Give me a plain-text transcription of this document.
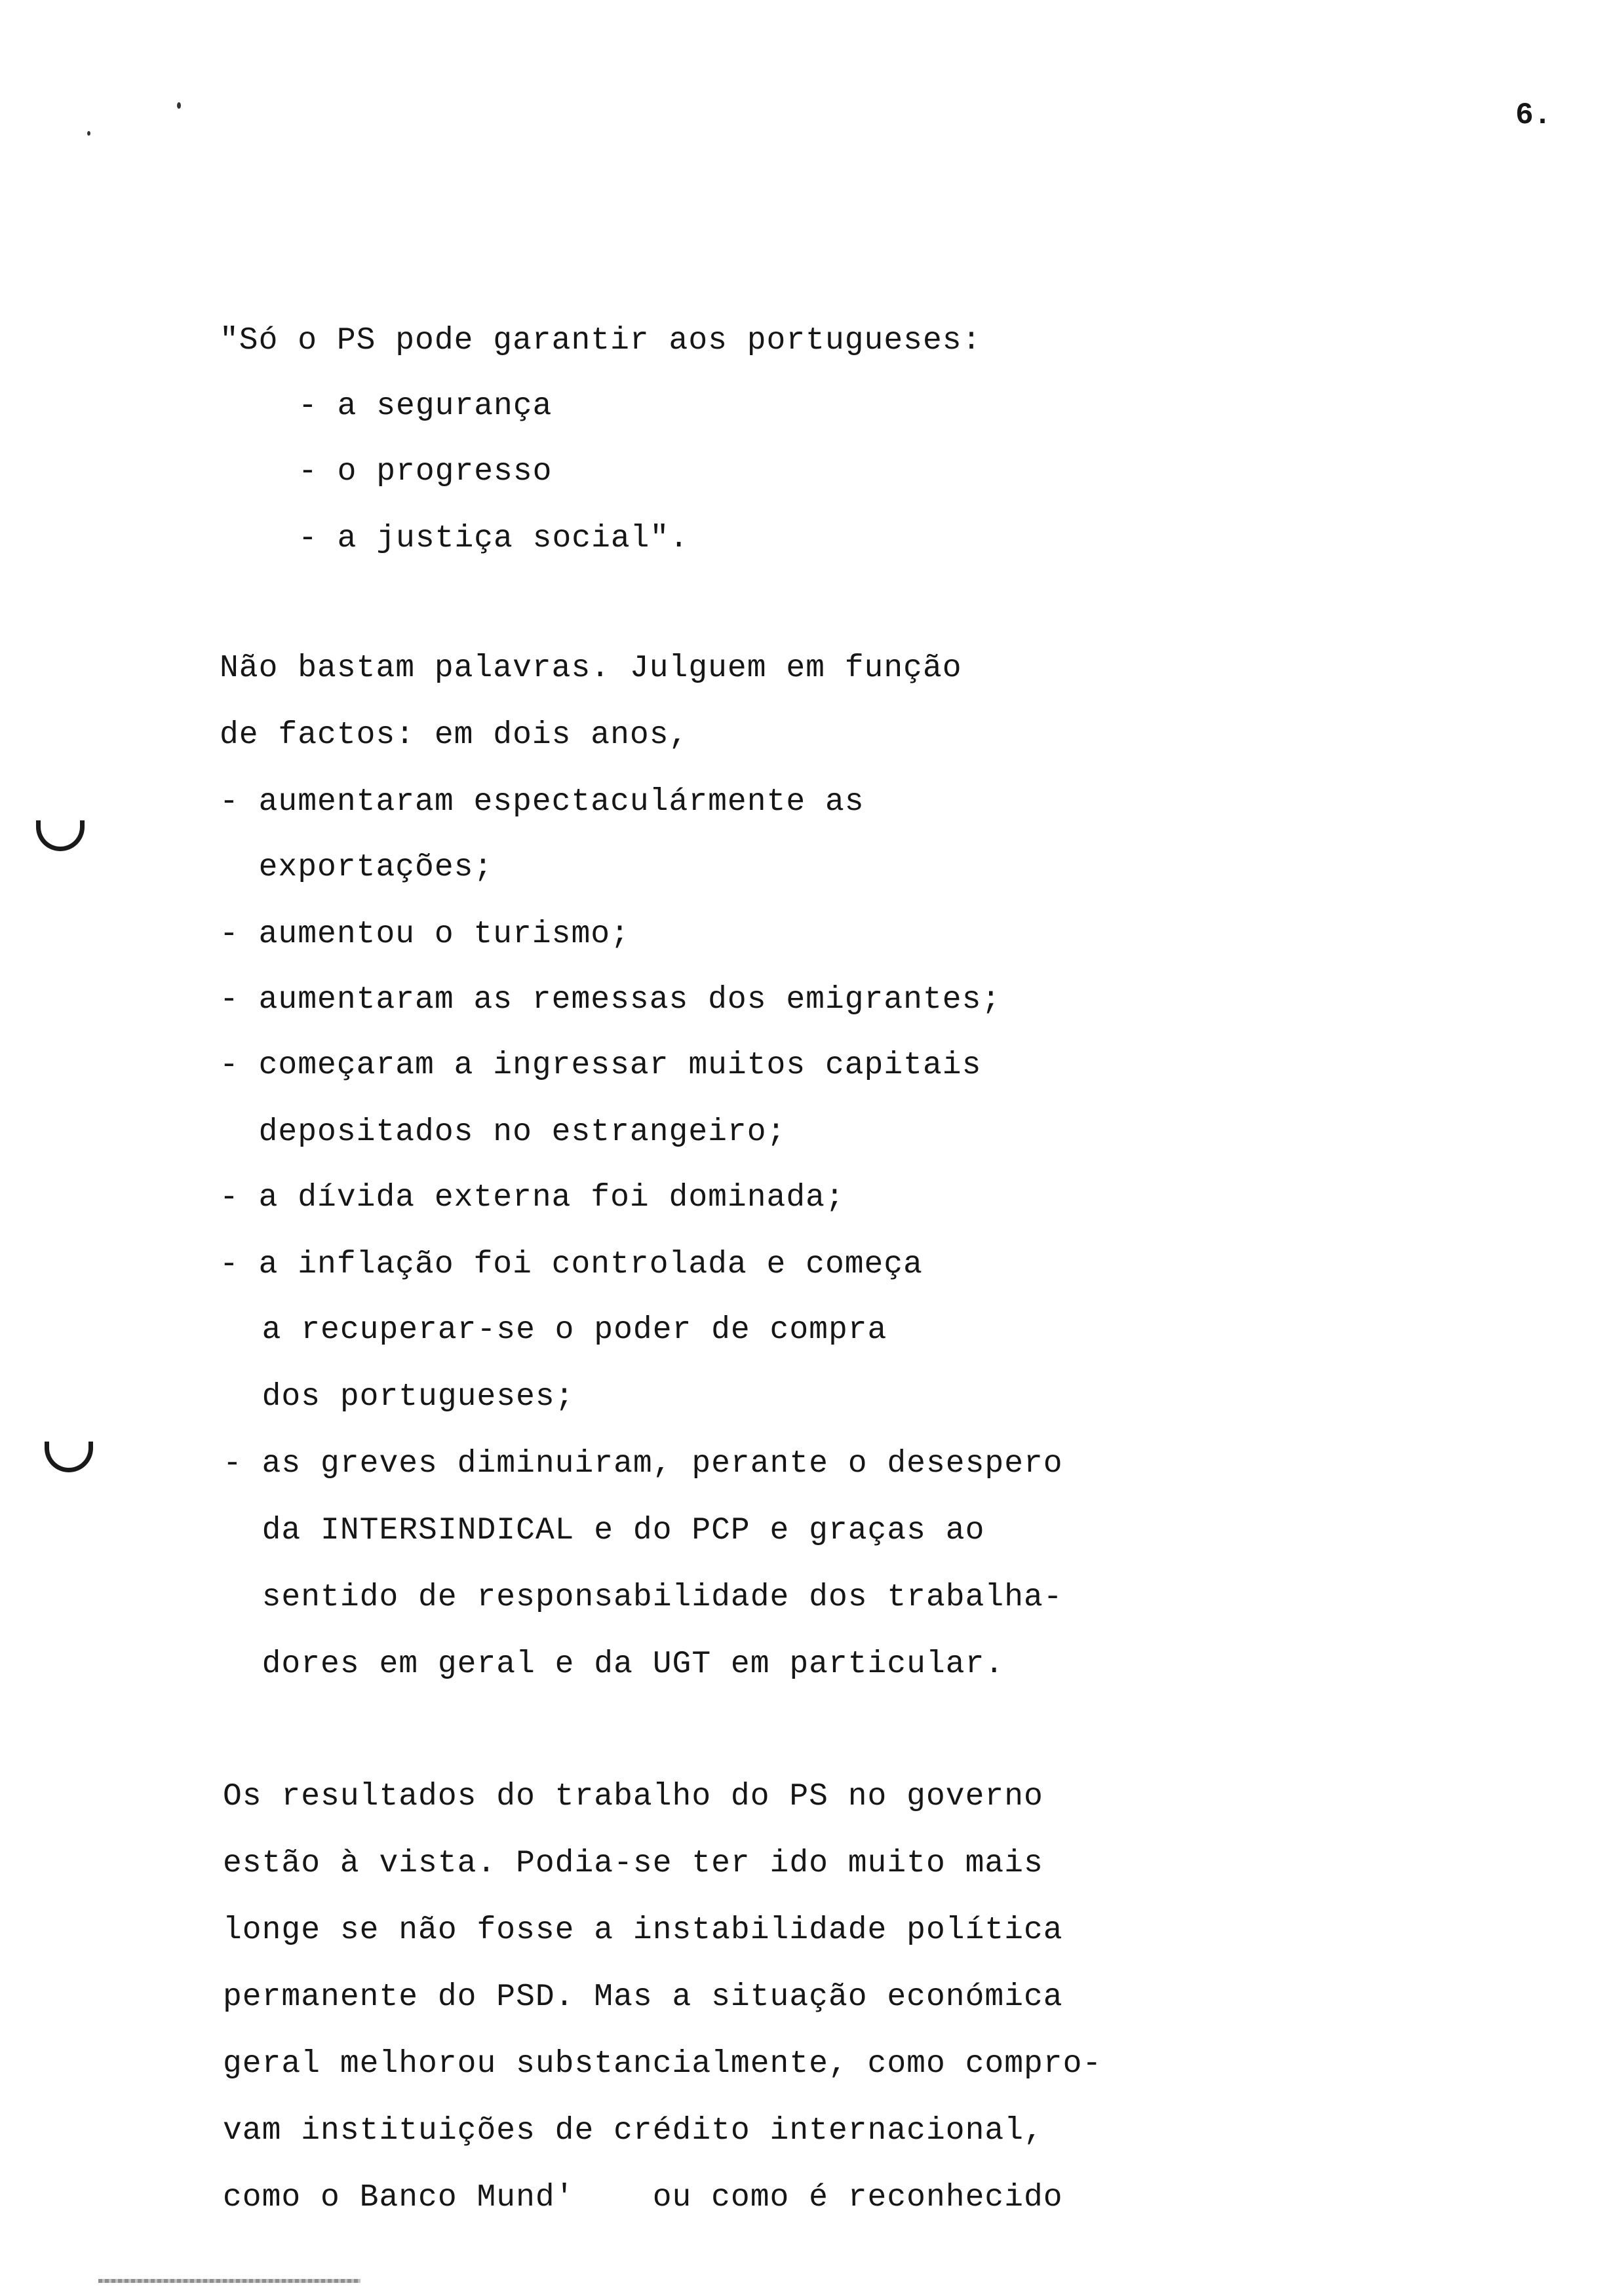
6.
"Só o PS pode garantir aos portugueses:
- a segurança
- o progresso
- a justiça social".
Não bastam palavras. Julguem em função
de factos: em dois anos,
- aumentaram espectaculármente as
exportações;
- aumentou o turismo;
- aumentaram as remessas dos emigrantes;
- começaram a ingressar muitos capitais
depositados no estrangeiro;
- a dívida externa foi dominada;
- a inflação foi controlada e começa
a recuperar-se o poder de compra
dos portugueses;
- as greves diminuiram, perante o desespero
da INTERSINDICAL e do PCP e graças ao
sentido de responsabilidade dos trabalha-
dores em geral e da UGT em particular.
Os resultados do trabalho do PS no governo
estão à vista. Podia-se ter ido muito mais
longe se não fosse a instabilidade política
permanente do PSD. Mas a situação económica
geral melhorou substancialmente, como compro-
vam instituições de crédito internacional,
como o Banco Mund'    ou como é reconhecido
